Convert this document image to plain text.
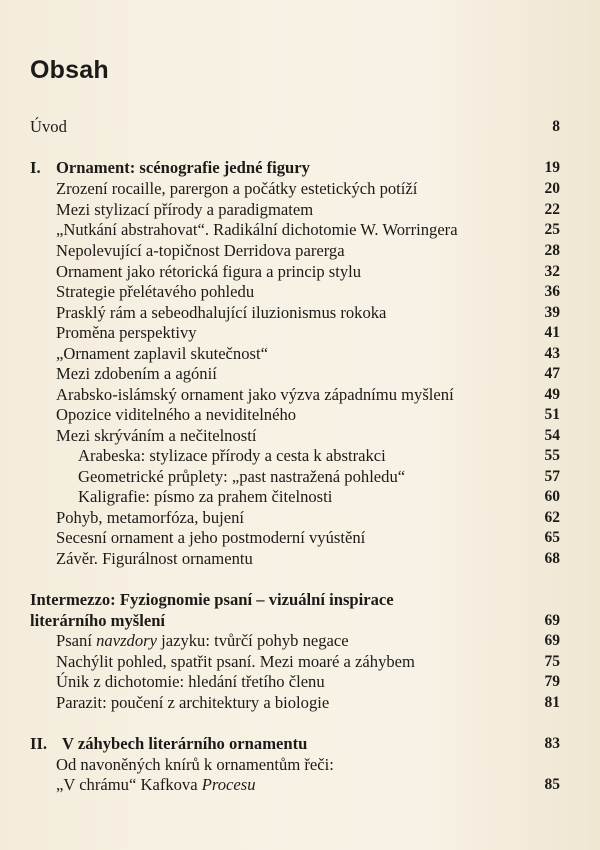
Obsah
Úvod	8
I. Ornament: scénografie jedné figury	19
Zrození rocaille, parergon a počátky estetických potíží	20
Mezi stylizací přírody a paradigmatem	22
„Nutkání abstrahovat“. Radikální dichotomie W. Worringera	25
Nepolevující a-topičnost Derridova parerga	28
Ornament jako rétorická figura a princip stylu	32
Strategie přelétavého pohledu	36
Prasklý rám a sebeodhalující iluzionismus rokoka	39
Proměna perspektivy	41
„Ornament zaplavil skutečnost“	43
Mezi zdobením a agónií	47
Arabsko-islámský ornament jako výzva západnímu myšlení	49
Opozice viditelného a neviditelného	51
Mezi skrýváním a nečitelností	54
Arabeska: stylizace přírody a cesta k abstrakci	55
Geometrické průplety: „past nastražená pohledu“	57
Kaligrafie: písmo za prahem čitelnosti	60
Pohyb, metamorfóza, bujení	62
Secesní ornament a jeho postmoderní vyústění	65
Závěr. Figurálnost ornamentu	68
Intermezzo: Fyziognomie psaní – vizuální inspirace
literárního myšlení	69
Psaní navzdory jazyku: tvůrčí pohyb negace	69
Nachýlit pohled, spatřit psaní. Mezi moaré a záhybem	75
Únik z dichotomie: hledání třetího členu	79
Parazit: poučení z architektury a biologie	81
II. V záhybech literárního ornamentu	83
Od navoněných knírů k ornamentům řeči:
„V chrámu“ Kafkova Procesu	85
